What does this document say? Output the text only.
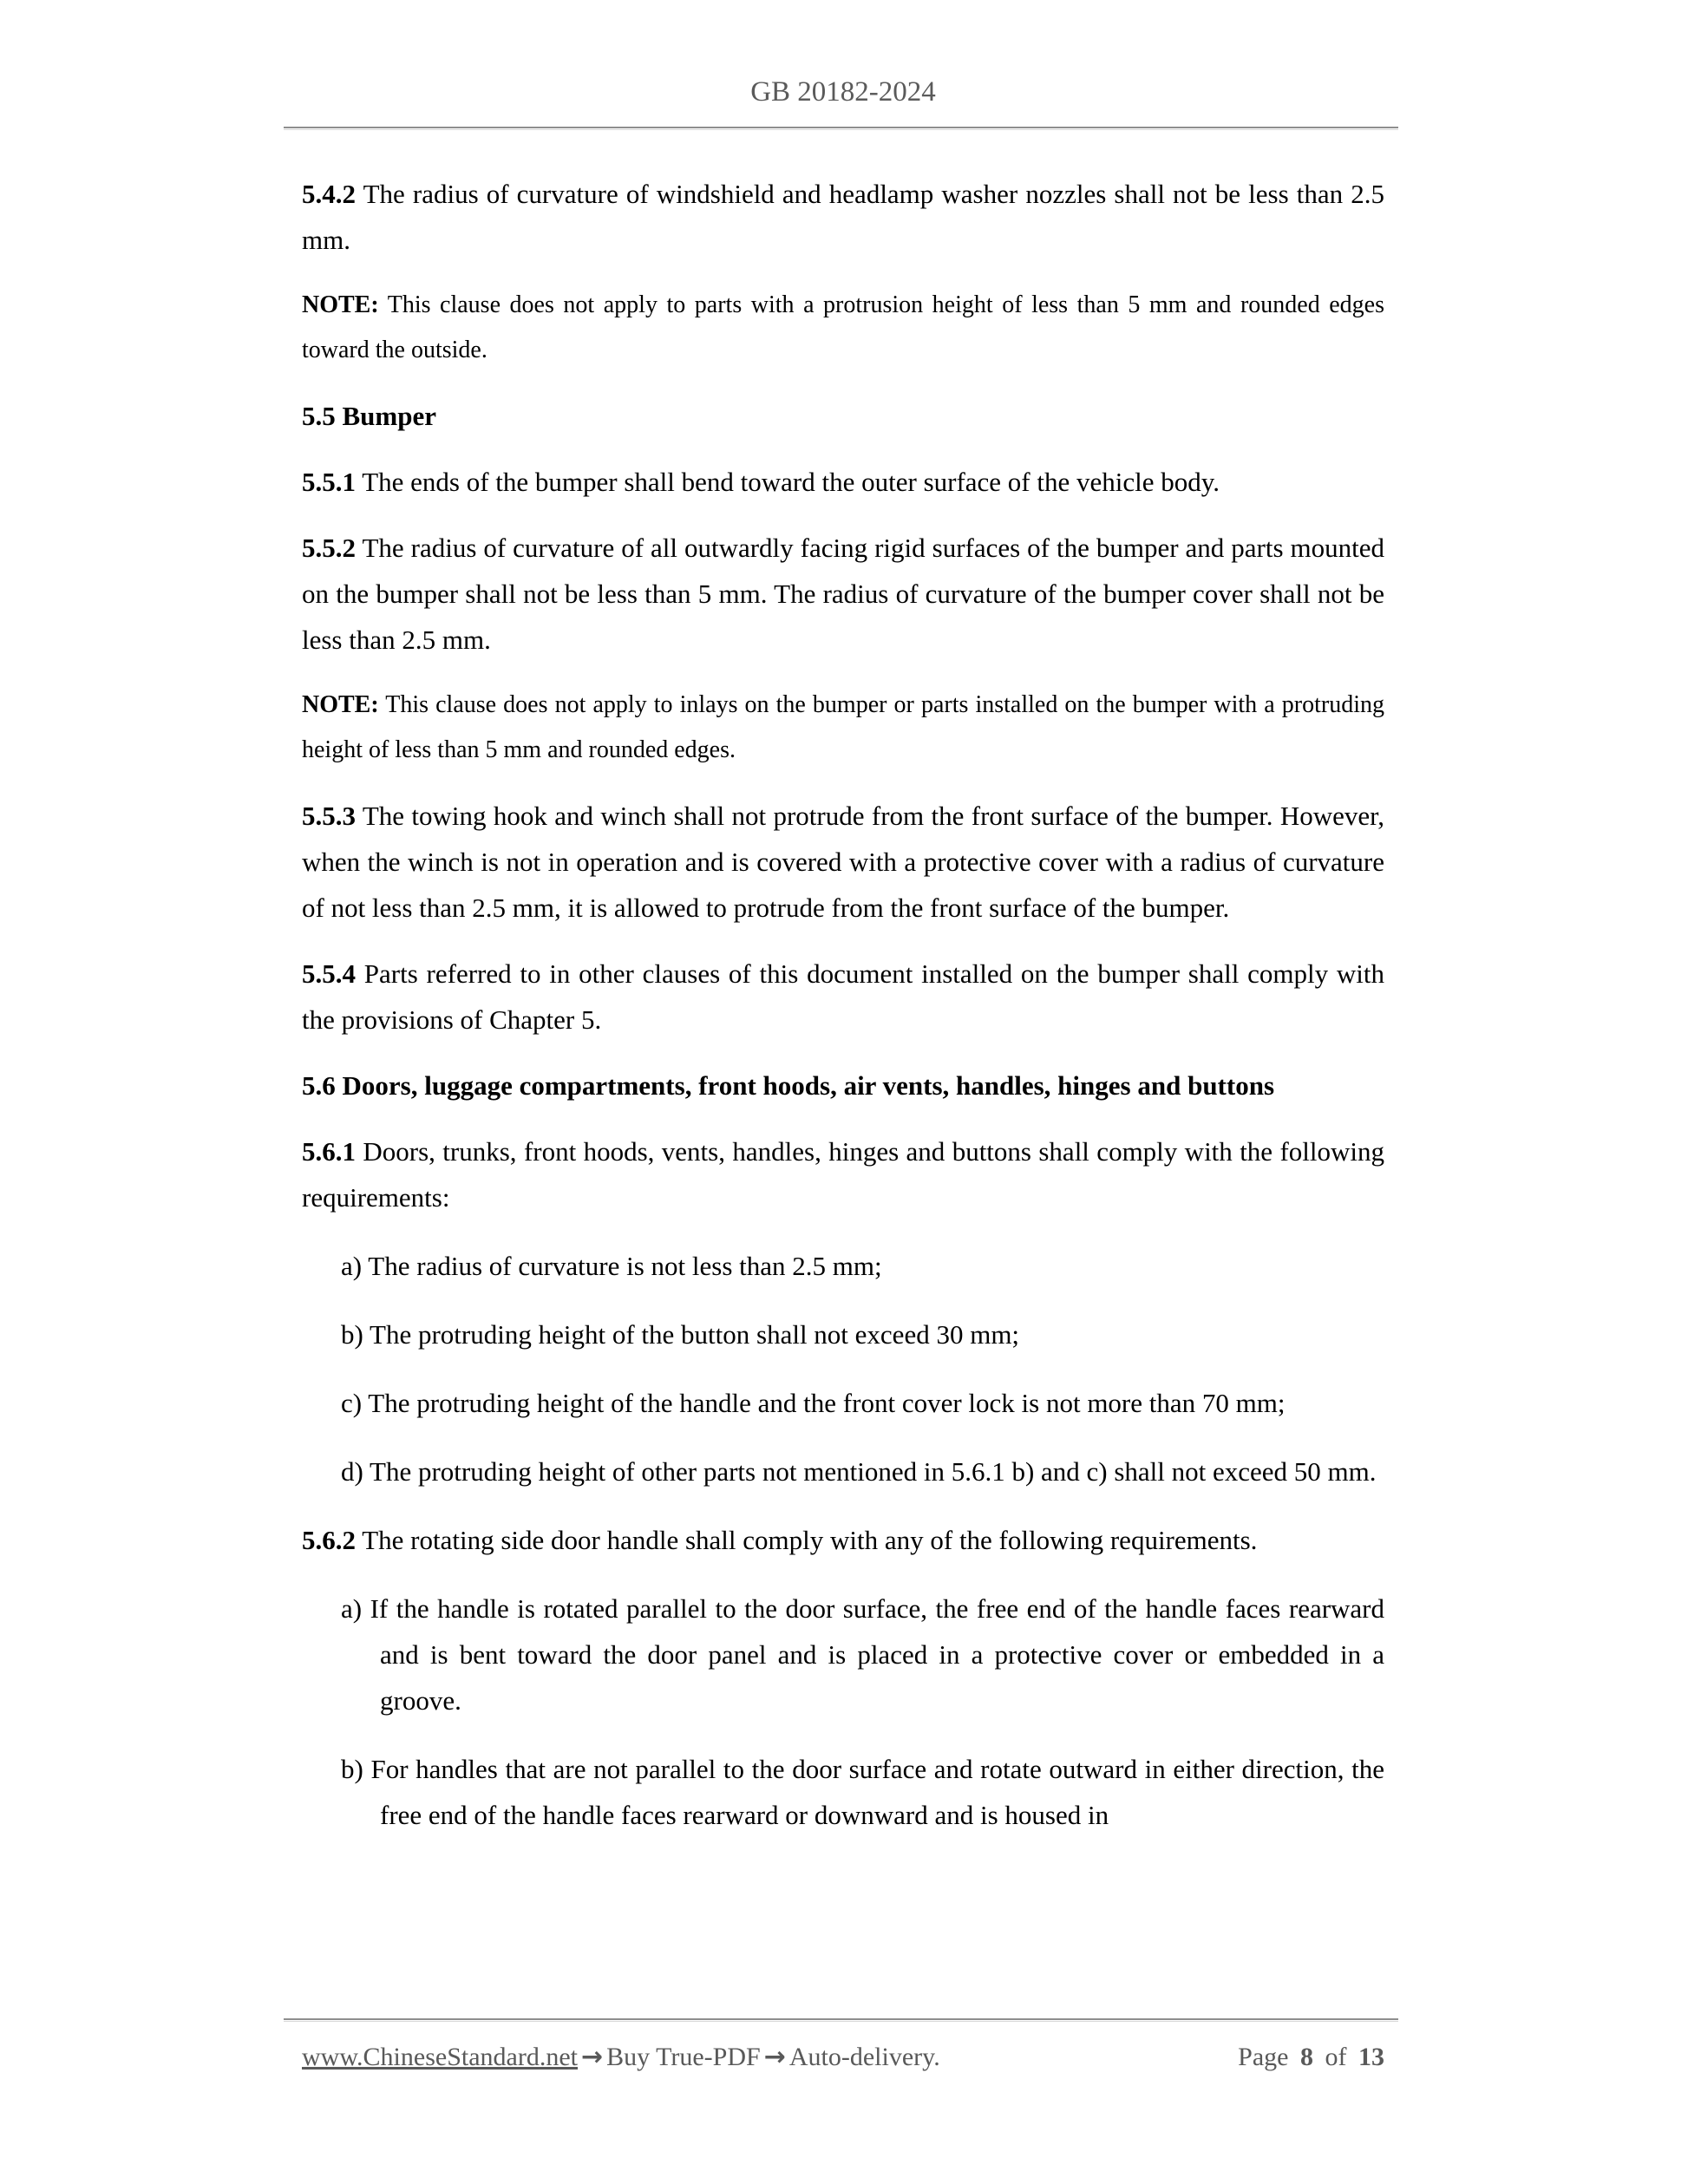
GB 20182-2024

5.4.2 The radius of curvature of windshield and headlamp washer nozzles shall not be less than 2.5 mm.

NOTE: This clause does not apply to parts with a protrusion height of less than 5 mm and rounded edges toward the outside.

5.5 Bumper

5.5.1 The ends of the bumper shall bend toward the outer surface of the vehicle body.

5.5.2 The radius of curvature of all outwardly facing rigid surfaces of the bumper and parts mounted on the bumper shall not be less than 5 mm. The radius of curvature of the bumper cover shall not be less than 2.5 mm.

NOTE: This clause does not apply to inlays on the bumper or parts installed on the bumper with a protruding height of less than 5 mm and rounded edges.

5.5.3 The towing hook and winch shall not protrude from the front surface of the bumper. However, when the winch is not in operation and is covered with a protective cover with a radius of curvature of not less than 2.5 mm, it is allowed to protrude from the front surface of the bumper.

5.5.4 Parts referred to in other clauses of this document installed on the bumper shall comply with the provisions of Chapter 5.

5.6 Doors, luggage compartments, front hoods, air vents, handles, hinges and buttons

5.6.1 Doors, trunks, front hoods, vents, handles, hinges and buttons shall comply with the following requirements:

a) The radius of curvature is not less than 2.5 mm;

b) The protruding height of the button shall not exceed 30 mm;

c) The protruding height of the handle and the front cover lock is not more than 70 mm;

d) The protruding height of other parts not mentioned in 5.6.1 b) and c) shall not exceed 50 mm.

5.6.2 The rotating side door handle shall comply with any of the following requirements.

a) If the handle is rotated parallel to the door surface, the free end of the handle faces rearward and is bent toward the door panel and is placed in a protective cover or embedded in a groove.

b) For handles that are not parallel to the door surface and rotate outward in either direction, the free end of the handle faces rearward or downward and is housed in

www.ChineseStandard.net → Buy True-PDF → Auto-delivery.	Page 8 of 13
